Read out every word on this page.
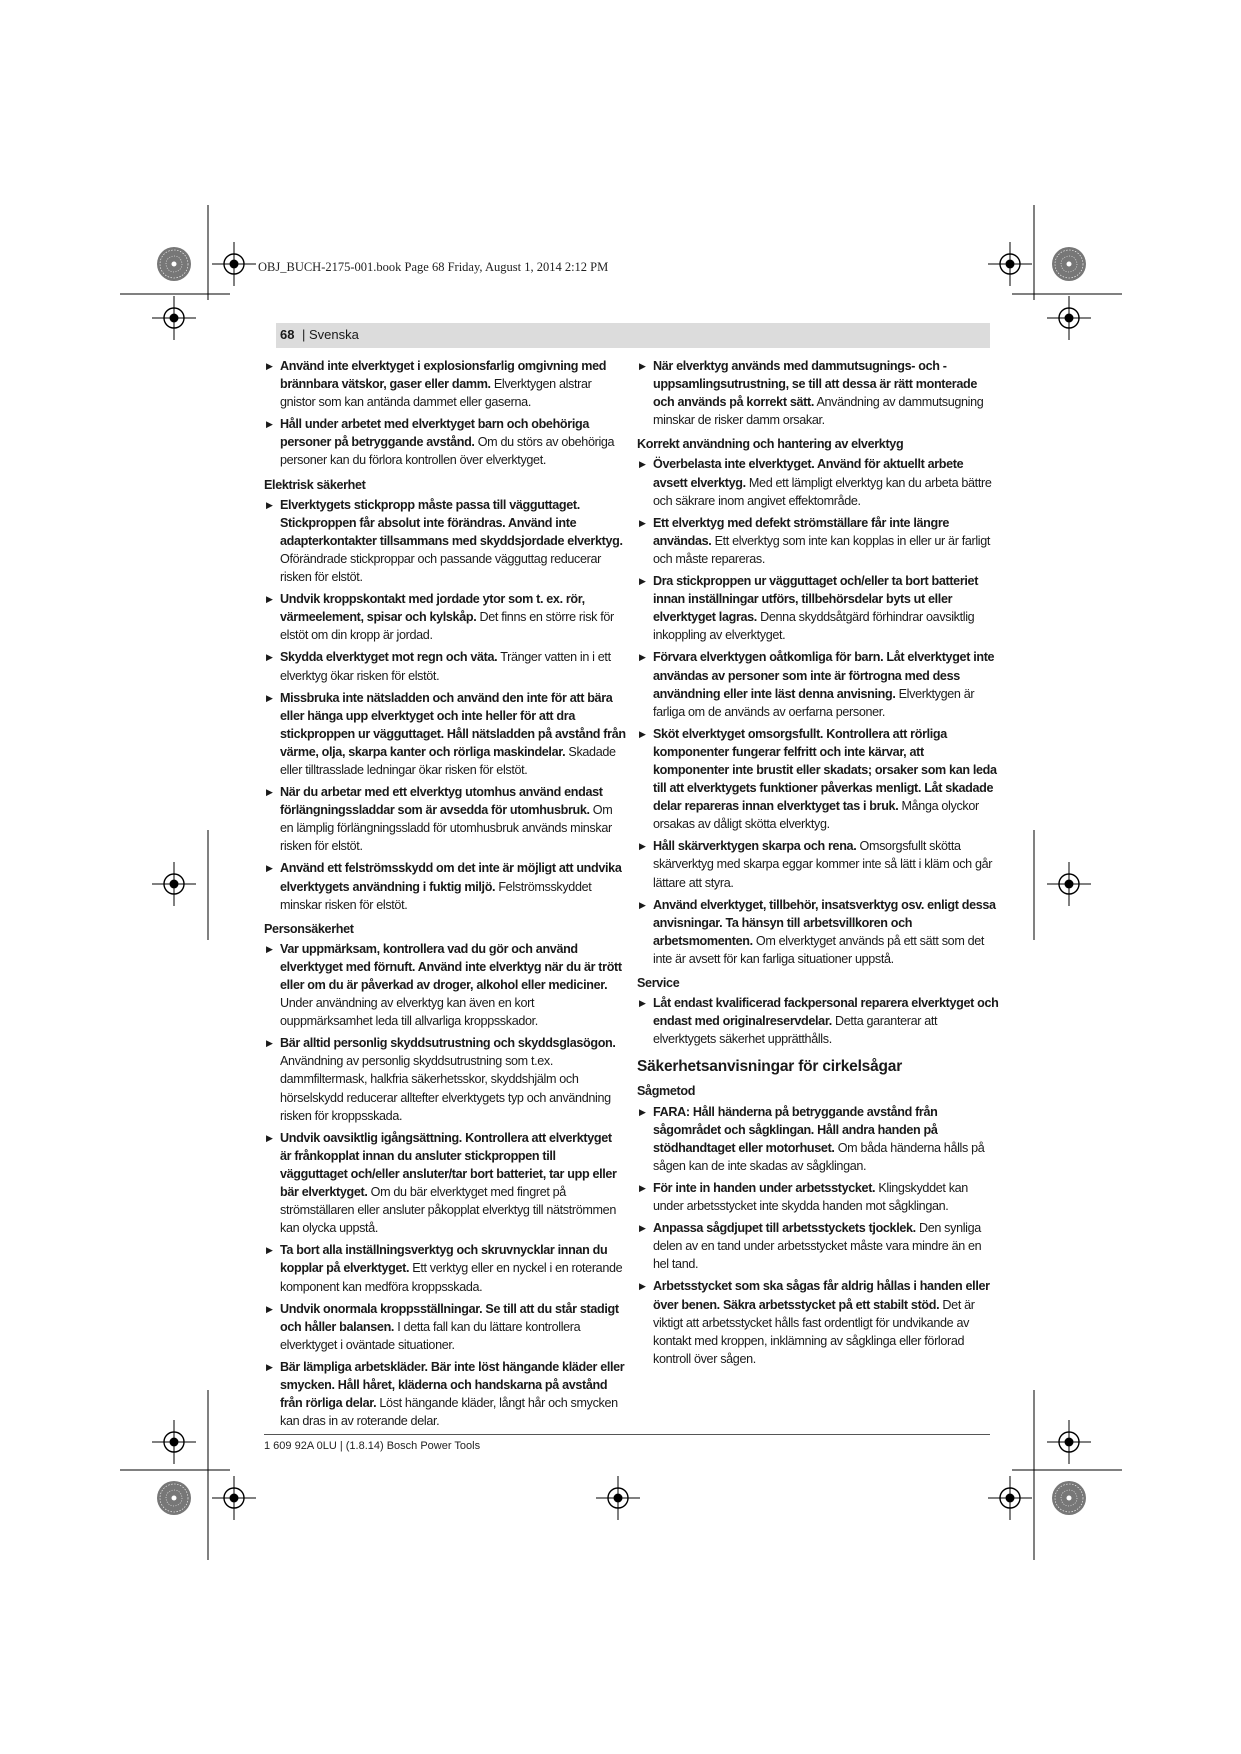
OBJ_BUCH-2175-001.book Page 68 Friday, August 1, 2014 2:12 PM
68 | Svenska
▶ Använd inte elverktyget i explosionsfarlig omgivning med brännbara vätskor, gaser eller damm. Elverktygen alstrar gnistor som kan antända dammet eller gaserna.
▶ Håll under arbetet med elverktyget barn och obehöriga personer på betryggande avstånd. Om du störs av obehöriga personer kan du förlora kontrollen över elverktyget.
Elektrisk säkerhet
▶ Elverktygets stickpropp måste passa till vägguttaget. Stickproppen får absolut inte förändras. Använd inte adapterkontakter tillsammans med skyddsjordade elverktyg. Oförändrade stickproppar och passande vägguttag reducerar risken för elstöt.
▶ Undvik kroppskontakt med jordade ytor som t. ex. rör, värmeelement, spisar och kylskåp. Det finns en större risk för elstöt om din kropp är jordad.
▶ Skydda elverktyget mot regn och väta. Tränger vatten in i ett elverktyg ökar risken för elstöt.
▶ Missbruka inte nätsladden och använd den inte för att bära eller hänga upp elverktyget och inte heller för att dra stickproppen ur vägguttaget. Håll nätsladden på avstånd från värme, olja, skarpa kanter och rörliga maskindelar. Skadade eller tilltrasslade ledningar ökar risken för elstöt.
▶ När du arbetar med ett elverktyg utomhus använd endast förlängningssladdar som är avsedda för utomhusbruk. Om en lämplig förlängningssladd för utomhusbruk används minskar risken för elstöt.
▶ Använd ett felströmsskydd om det inte är möjligt att undvika elverktygets användning i fuktig miljö. Felströmsskyddet minskar risken för elstöt.
Personsäkerhet
▶ Var uppmärksam, kontrollera vad du gör och använd elverktyget med förnuft. Använd inte elverktyg när du är trött eller om du är påverkad av droger, alkohol eller mediciner. Under användning av elverktyg kan även en kort ouppmärksamhet leda till allvarliga kroppsskador.
▶ Bär alltid personlig skyddsutrustning och skyddsglasögon. Användning av personlig skyddsutrustning som t.ex. dammfiltermask, halkfria säkerhetsskor, skyddshjälm och hörselskydd reducerar alltefter elverktygets typ och användning risken för kroppsskada.
▶ Undvik oavsiktlig igångsättning. Kontrollera att elverktyget är frånkopplat innan du ansluter stickproppen till vägguttaget och/eller ansluter/tar bort batteriet, tar upp eller bär elverktyget. Om du bär elverktyget med fingret på strömställaren eller ansluter påkopplat elverktyg till nätströmmen kan olycka uppstå.
▶ Ta bort alla inställningsverktyg och skruvnycklar innan du kopplar på elverktyget. Ett verktyg eller en nyckel i en roterande komponent kan medföra kroppsskada.
▶ Undvik onormala kroppsställningar. Se till att du står stadigt och håller balansen. I detta fall kan du lättare kontrollera elverktyget i oväntade situationer.
▶ Bär lämpliga arbetskläder. Bär inte löst hängande kläder eller smycken. Håll håret, kläderna och handskarna på avstånd från rörliga delar. Löst hängande kläder, långt hår och smycken kan dras in av roterande delar.
▶ När elverktyg används med dammutsugnings- och -uppsamlingsutrustning, se till att dessa är rätt monterade och används på korrekt sätt. Användning av dammutsugning minskar de risker damm orsakar.
Korrekt användning och hantering av elverktyg
▶ Överbelasta inte elverktyget. Använd för aktuellt arbete avsett elverktyg. Med ett lämpligt elverktyg kan du arbeta bättre och säkrare inom angivet effektområde.
▶ Ett elverktyg med defekt strömställare får inte längre användas. Ett elverktyg som inte kan kopplas in eller ur är farligt och måste repareras.
▶ Dra stickproppen ur vägguttaget och/eller ta bort batteriet innan inställningar utförs, tillbehörsdelar byts ut eller elverktyget lagras. Denna skyddsåtgärd förhindrar oavsiktlig inkoppling av elverktyget.
▶ Förvara elverktygen oåtkomliga för barn. Låt elverktyget inte användas av personer som inte är förtrogna med dess användning eller inte läst denna anvisning. Elverktygen är farliga om de används av oerfarna personer.
▶ Sköt elverktyget omsorgsfullt. Kontrollera att rörliga komponenter fungerar felfritt och inte kärvar, att komponenter inte brustit eller skadats; orsaker som kan leda till att elverktygets funktioner påverkas menligt. Låt skadade delar repareras innan elverktyget tas i bruk. Många olyckor orsakas av dåligt skötta elverktyg.
▶ Håll skärverktygen skarpa och rena. Omsorgsfullt skötta skärverktyg med skarpa eggar kommer inte så lätt i kläm och går lättare att styra.
▶ Använd elverktyget, tillbehör, insatsverktyg osv. enligt dessa anvisningar. Ta hänsyn till arbetsvillkoren och arbetsmomenten. Om elverktyget används på ett sätt som det inte är avsett för kan farliga situationer uppstå.
Service
▶ Låt endast kvalificerad fackpersonal reparera elverktyget och endast med originalreservdelar. Detta garanterar att elverktygets säkerhet upprätthålls.
Säkerhetsanvisningar för cirkelsågar
Sågmetod
▶ FARA: Håll händerna på betryggande avstånd från sågområdet och sågklingan. Håll andra handen på stödhandtaget eller motorhuset. Om båda händerna hålls på sågen kan de inte skadas av sågklingan.
▶ För inte in handen under arbetsstycket. Klingskyddet kan under arbetsstycket inte skydda handen mot sågklingan.
▶ Anpassa sågdjupet till arbetsstyckets tjocklek. Den synliga delen av en tand under arbetsstycket måste vara mindre än en hel tand.
▶ Arbetsstycket som ska sågas får aldrig hållas i handen eller över benen. Säkra arbetsstycket på ett stabilt stöd. Det är viktigt att arbetsstycket hålls fast ordentligt för undvikande av kontakt med kroppen, inklämning av sågklinga eller förlorad kontroll över sågen.
1 609 92A 0LU | (1.8.14) Bosch Power Tools
